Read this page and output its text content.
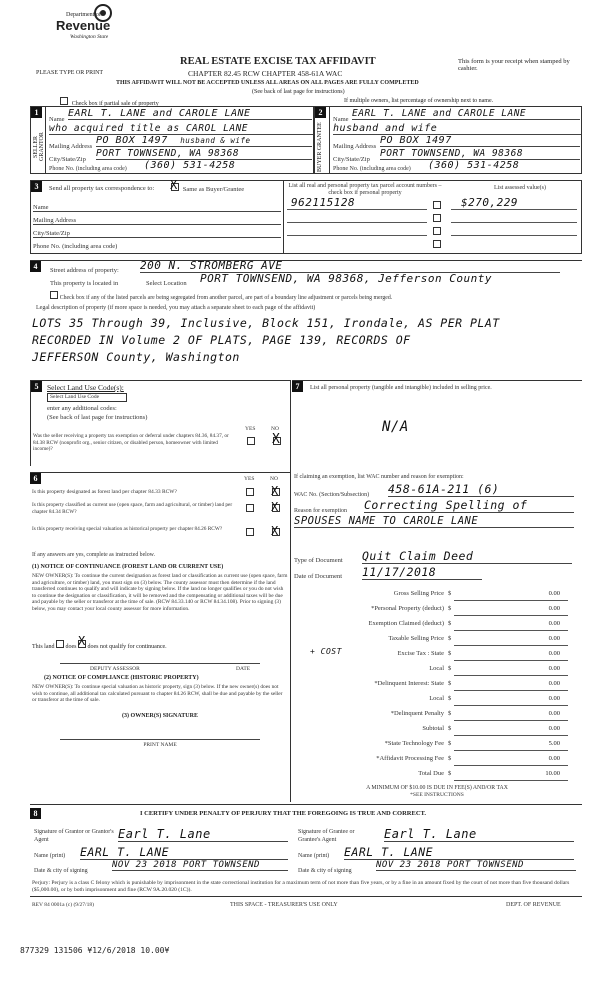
Department of
Revenue
Washington State
PLEASE TYPE OR PRINT
REAL ESTATE EXCISE TAX AFFIDAVIT
CHAPTER 82.45 RCW CHAPTER 458-61A WAC
THIS AFFIDAVIT WILL NOT BE ACCEPTED UNLESS ALL AREAS ON ALL PAGES ARE FULLY COMPLETED
(See back of last page for instructions)
This form is your receipt when stamped by cashier.
Check box if partial sale of property	If multiple owners, list percentage of ownership next to name.
1
SELLER GRANTOR
Name
EARL T. LANE and CAROLE LANE
who acquired title as CAROL LANE
Mailing Address
PO BOX 1497 husband & wife
City/State/Zip
PORT TOWNSEND, WA 98368
Phone No. (including area code) (360) 531-4258
2
BUYER GRANTEE
Name
EARL T. LANE and CAROLE LANE
husband and wife
Mailing Address
PO BOX 1497
City/State/Zip
PORT TOWNSEND, WA 98368
Phone No. (including area code) (360) 531-4258
3	Send all property tax correspondence to: X Same as Buyer/Grantee
Name
Mailing Address
City/State/Zip
Phone No. (including area code)
List all real and personal property tax parcel account numbers – check box if personal property
List assessed value(s)
962115128	$270,229
4	Street address of property: 200 N. STROMBERG AVE
This property is located in	Select Location PORT TOWNSEND, WA 98368, Jefferson County
Check box if any of the listed parcels are being segregated from another parcel, are part of a boundary line adjustment or parcels being merged.
Legal description of property (if more space is needed, you may attach a separate sheet to each page of the affidavit)
LOTS 35 Through 39, Inclusive, Block 151, Irondale, AS PER PLAT
RECORDED IN Volume 2 OF PLATS, PAGE 139, RECORDS OF
JEFFERSON County, Washington
5	Select Land Use Code(s):
Select Land Use Code
enter any additional codes:
(See back of last page for instructions)
YES	NO
Was the seller receiving a property tax exemption or deferral under chapters 84.36, 84.37, or 84.38 RCW (nonprofit org., senior citizen, or disabled person, homeowner with limited income)?
X
6	YES	NO
Is this property designated as forest land per chapter 84.33 RCW?	X
Is this property classified as current use (open space, farm and agricultural, or timber) land per chapter 84.34 RCW?	X
Is this property receiving special valuation as historical property per chapter 84.26 RCW?	X
If any answers are yes, complete as instructed below.
(1) NOTICE OF CONTINUANCE (FOREST LAND OR CURRENT USE)
NEW OWNER(S): To continue the current designation as forest land or classification as current use (open space, farm and agriculture, or timber) land, you must sign on (3) below. The county assessor must then determine if the land transferred continues to qualify and will indicate by signing below. If the land no longer qualifies or you do not wish to continue the designation or classification, it will be removed and the compensating or additional taxes will be due and payable by the seller or transferor at the time of sale. (RCW 84.33.140 or RCW 84.34.108). Prior to signing (3) below, you may contact your local county assessor for more information.
This land does X does not qualify for continuance.
DEPUTY ASSESSOR	DATE
(2) NOTICE OF COMPLIANCE (HISTORIC PROPERTY)
NEW OWNER(S): To continue special valuation as historic property, sign (3) below. If the new owner(s) does not wish to continue, all additional tax calculated pursuant to chapter 84.26 RCW, shall be due and payable by the seller or transferor at the time of sale.
(3) OWNER(S) SIGNATURE
PRINT NAME
7	List all personal property (tangible and intangible) included in selling price.
N/A
If claiming an exemption, list WAC number and reason for exemption:
WAC No. (Section/Subsection) 458-61A-211 (6)
Reason for exemption Correcting Spelling of
SPOUSES NAME TO CAROLE LANE
Type of Document Quit Claim Deed
Date of Document 11/17/2018
Gross Selling Price $	0.00
*Personal Property (deduct) $	0.00
Exemption Claimed (deduct) $	0.00
Taxable Selling Price $	0.00
+ COST	Excise Tax : State $	0.00
Local $	0.00
*Delinquent Interest: State $	0.00
Local $	0.00
*Delinquent Penalty $	0.00
Subtotal $	0.00
*State Technology Fee $	5.00
*Affidavit Processing Fee $	0.00
Total Due $	10.00
A MINIMUM OF $10.00 IS DUE IN FEE(S) AND/OR TAX
*SEE INSTRUCTIONS
8	I CERTIFY UNDER PENALTY OF PERJURY THAT THE FOREGOING IS TRUE AND CORRECT.
Signature of Grantor or Grantor's Agent	Earl T. Lane	Signature of Grantee or Grantee's Agent	Earl T. Lane
Name (print) EARL T. LANE	Name (print) EARL T. LANE
Date & city of signing
NOV 23 2018 PORT TOWNSEND
Date & city of signing
NOV 23 2018 PORT TOWNSEND
Perjury: Perjury is a class C felony which is punishable by imprisonment in the state correctional institution for a maximum term of not more than five years, or by a fine in an amount fixed by the court of not more than five thousand dollars ($5,000.00), or by both imprisonment and fine (RCW 9A.20.020 (1C)).
REV 84 0001a (c) (9/27/18)	THIS SPACE - TREASURER'S USE ONLY	DEPT. OF REVENUE
877329 131506 ¥12/6/2018 10.00¥
